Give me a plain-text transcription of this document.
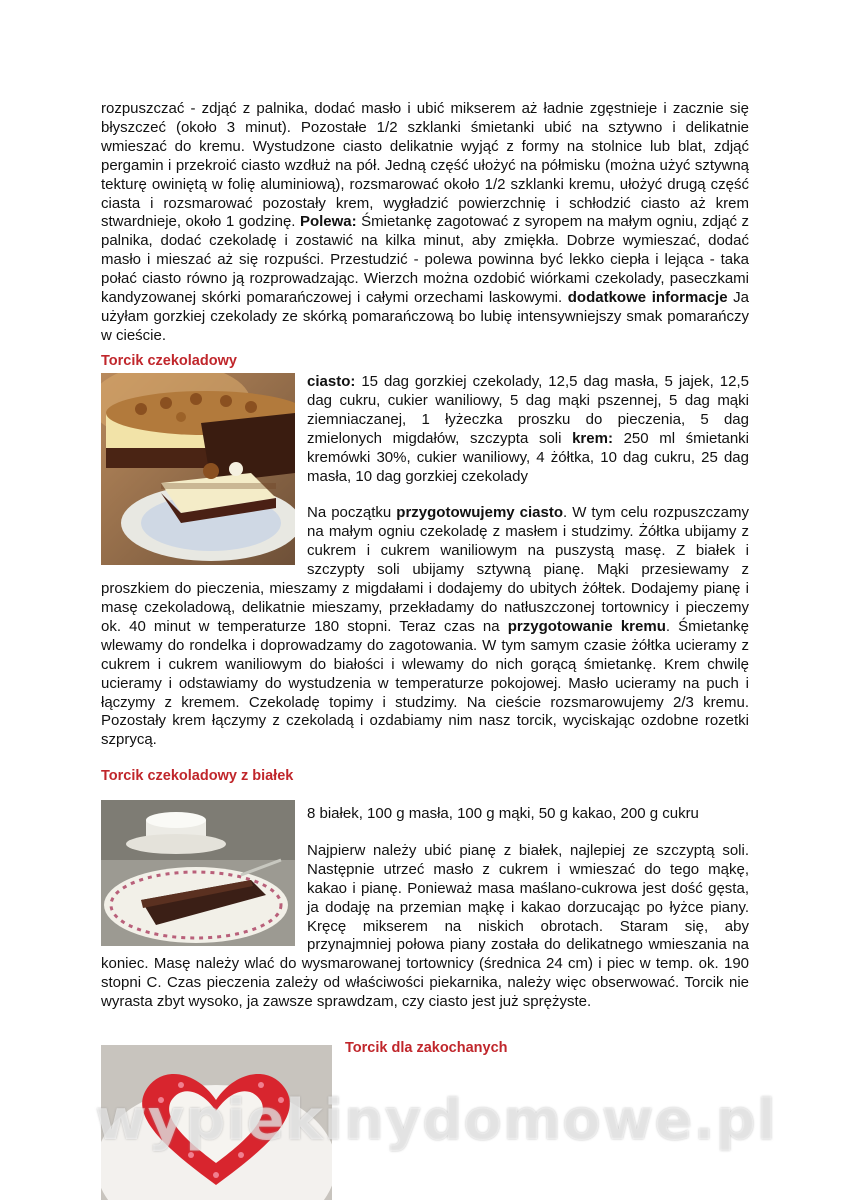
rozpuszczać - zdjąć z palnika, dodać masło i ubić mikserem aż ładnie zgęstnieje i zacznie się błyszczeć (około 3 minut). Pozostałe 1/2 szklanki śmietanki ubić na sztywno i delikatnie wmieszać do kremu. Wystudzone ciasto delikatnie wyjąć z formy na stolnice lub blat, zdjąć pergamin i przekroić ciasto wzdłuż na pół. Jedną część ułożyć na półmisku (można użyć sztywną tekturę owiniętą w folię aluminiową), rozsmarować około 1/2 szklanki kremu, ułożyć drugą część ciasta i rozsmarować pozostały krem, wygładzić powierzchnię i schłodzić ciasto aż krem stwardnieje, około 1 godzinę. Polewa: Śmietankę zagotować z syropem na małym ogniu, zdjąć z palnika, dodać czekoladę i zostawić na kilka minut, aby zmiękła. Dobrze wymieszać, dodać masło i mieszać aż się rozpuści. Przestudzić - polewa powinna być lekko ciepła i lejąca - taka połać ciasto równo ją rozprowadzając. Wierzch można ozdobić wiórkami czekolady, paseczkami kandyzowanej skórki pomarańczowej i całymi orzechami laskowymi. dodatkowe informacje Ja użyłam gorzkiej czekolady ze skórką pomarańczową bo lubię intensywniejszy smak pomarańczy w cieście.

Torcik czekoladowy

ciasto: 15 dag gorzkiej czekolady, 12,5 dag masła, 5 jajek, 12,5 dag cukru, cukier waniliowy, 5 dag mąki pszennej, 5 dag mąki ziemniaczanej, 1 łyżeczka proszku do pieczenia, 5 dag zmielonych migdałów, szczypta soli krem: 250 ml śmietanki kremówki 30%, cukier waniliowy, 4 żółtka, 10 dag cukru, 25 dag masła, 10 dag gorzkiej czekolady

Na początku przygotowujemy ciasto. W tym celu rozpuszczamy na małym ogniu czekoladę z masłem i studzimy. Żółtka ubijamy z cukrem i cukrem waniliowym na puszystą masę. Z białek i szczypty soli ubijamy sztywną pianę. Mąki przesiewamy z proszkiem do pieczenia, mieszamy z migdałami i dodajemy do ubitych żółtek. Dodajemy pianę i masę czekoladową, delikatnie mieszamy, przekładamy do natłuszczonej tortownicy i pieczemy ok. 40 minut w temperaturze 180 stopni. Teraz czas na przygotowanie kremu. Śmietankę wlewamy do rondelka i doprowadzamy do zagotowania. W tym samym czasie żółtka ucieramy z cukrem i cukrem waniliowym do białości i wlewamy do nich gorącą śmietankę. Krem chwilę ucieramy i odstawiamy do wystudzenia w temperaturze pokojowej. Masło ucieramy na puch i łączymy z kremem. Czekoladę topimy i studzimy. Na cieście rozsmarowujemy 2/3 kremu. Pozostały krem łączymy z czekoladą i ozdabiamy nim nasz torcik, wyciskając ozdobne rozetki szprycą.

Torcik czekoladowy z białek

8 białek, 100 g masła, 100 g mąki, 50 g kakao, 200 g cukru

Najpierw należy ubić pianę z białek, najlepiej ze szczyptą soli. Następnie utrzeć masło z cukrem i wmieszać do tego mąkę, kakao i pianę. Ponieważ masa maślano-cukrowa jest dość gęsta, ja dodaję na przemian mąkę i kakao dorzucając po łyżce piany. Kręcę mikserem na niskich obrotach. Staram się, aby przynajmniej połowa piany została do delikatnego wmieszania na koniec. Masę należy wlać do wysmarowanej tortownicy (średnica 24 cm) i piec w temp. ok. 190 stopni C. Czas pieczenia zależy od właściwości piekarnika, należy więc obserwować. Torcik nie wyrasta zbyt wysoko, ja zawsze sprawdzam, czy ciasto jest już sprężyste.

Torcik dla zakochanych
wypiekinydomowe.pl
